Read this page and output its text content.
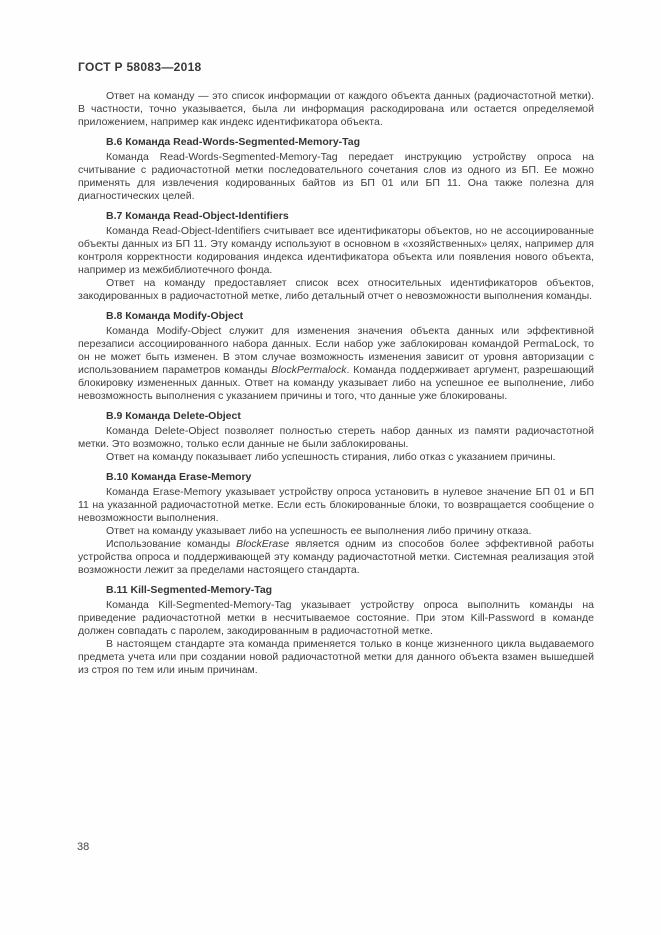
ГОСТ Р 58083—2018
Ответ на команду — это список информации от каждого объекта данных (радиочастотной метки). В частности, точно указывается, была ли информация раскодирована или остается определяемой приложением, например как индекс идентификатора объекта.
В.6 Команда Read-Words-Segmented-Memory-Tag
Команда Read-Words-Segmented-Memory-Tag передает инструкцию устройству опроса на считывание с радиочастотной метки последовательного сочетания слов из одного из БП. Ее можно применять для извлечения кодированных байтов из БП 01 или БП 11. Она также полезна для диагностических целей.
В.7 Команда Read-Object-Identifiers
Команда Read-Object-Identifiers считывает все идентификаторы объектов, но не ассоциированные объекты данных из БП 11. Эту команду используют в основном в «хозяйственных» целях, например для контроля корректности кодирования индекса идентификатора объекта или появления нового объекта, например из межбиблиотечного фонда.
Ответ на команду предоставляет список всех относительных идентификаторов объектов, закодированных в радиочастотной метке, либо детальный отчет о невозможности выполнения команды.
В.8 Команда Modify-Object
Команда Modify-Object служит для изменения значения объекта данных или эффективной перезаписи ассоциированного набора данных. Если набор уже заблокирован командой PermaLock, то он не может быть изменен. В этом случае возможность изменения зависит от уровня авторизации с использованием параметров команды BlockPermalock. Команда поддерживает аргумент, разрешающий блокировку измененных данных. Ответ на команду указывает либо на успешное ее выполнение, либо невозможность выполнения с указанием причины и того, что данные уже блокированы.
В.9 Команда Delete-Object
Команда Delete-Object позволяет полностью стереть набор данных из памяти радиочастотной метки. Это возможно, только если данные не были заблокированы.
Ответ на команду показывает либо успешность стирания, либо отказ с указанием причины.
В.10 Команда Erase-Memory
Команда Erase-Memory указывает устройству опроса установить в нулевое значение БП 01 и БП 11 на указанной радиочастотной метке. Если есть блокированные блоки, то возвращается сообщение о невозможности выполнения.
Ответ на команду указывает либо на успешность ее выполнения либо причину отказа.
Использование команды BlockErase является одним из способов более эффективной работы устройства опроса и поддерживающей эту команду радиочастотной метки. Системная реализация этой возможности лежит за пределами настоящего стандарта.
В.11 Kill-Segmented-Memory-Tag
Команда Kill-Segmented-Memory-Tag указывает устройству опроса выполнить команды на приведение радиочастотной метки в несчитываемое состояние. При этом Kill-Password в команде должен совпадать с паролем, закодированным в радиочастотной метке.
В настоящем стандарте эта команда применяется только в конце жизненного цикла выдаваемого предмета учета или при создании новой радиочастотной метки для данного объекта взамен вышедшей из строя по тем или иным причинам.
38
